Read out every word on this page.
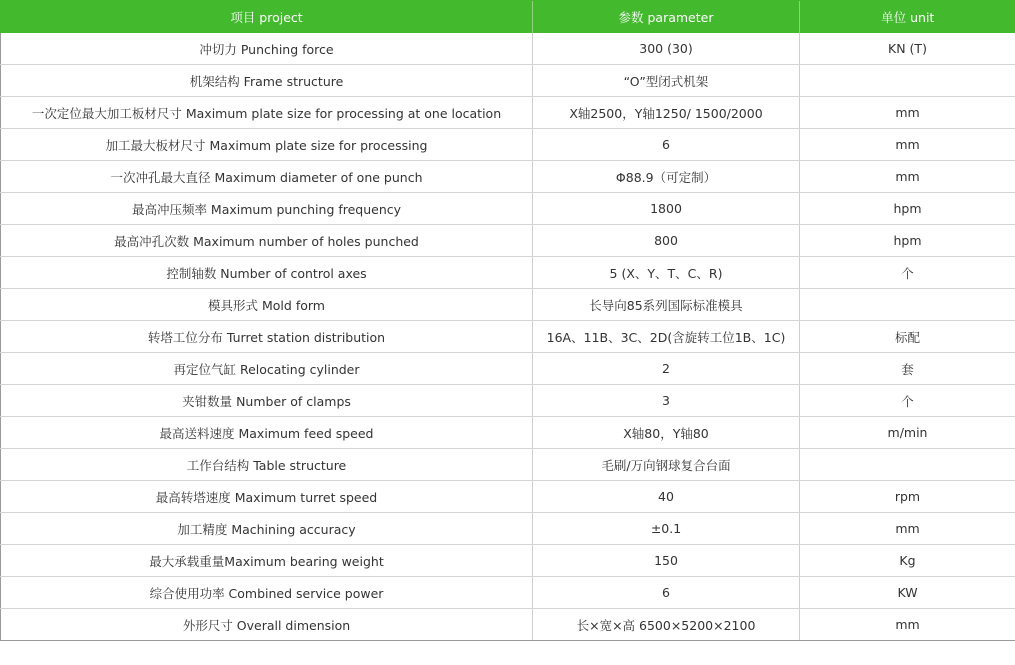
项目 project	参数 parameter	单位 unit
冲切力 Punching force	300 (30)	KN (T)
机架结构 Frame structure	“O”型闭式机架	
一次定位最大加工板材尺寸 Maximum plate size for processing at one location	X轴2500，Y轴1250/ 1500/2000	mm
加工最大板材尺寸 Maximum plate size for processing	6	mm
一次冲孔最大直径 Maximum diameter of one punch	Φ88.9（可定制）	mm
最高冲压频率 Maximum punching frequency	1800	hpm
最高冲孔次数 Maximum number of holes punched	800	hpm
控制轴数 Number of control axes	5 (X、Y、T、C、R)	个
模具形式 Mold form	长导向85系列国际标准模具	
转塔工位分布 Turret station distribution	16A、11B、3C、2D(含旋转工位1B、1C)	标配
再定位气缸 Relocating cylinder	2	套
夹钳数量 Number of clamps	3	个
最高送料速度 Maximum feed speed	X轴80，Y轴80	m/min
工作台结构 Table structure	毛刷/万向钢球复合台面	
最高转塔速度 Maximum turret speed	40	rpm
加工精度 Machining accuracy	±0.1	mm
最大承载重量Maximum bearing weight	150	Kg
综合使用功率 Combined service power	6	KW
外形尺寸 Overall dimension	长×宽×高 6500×5200×2100	mm
